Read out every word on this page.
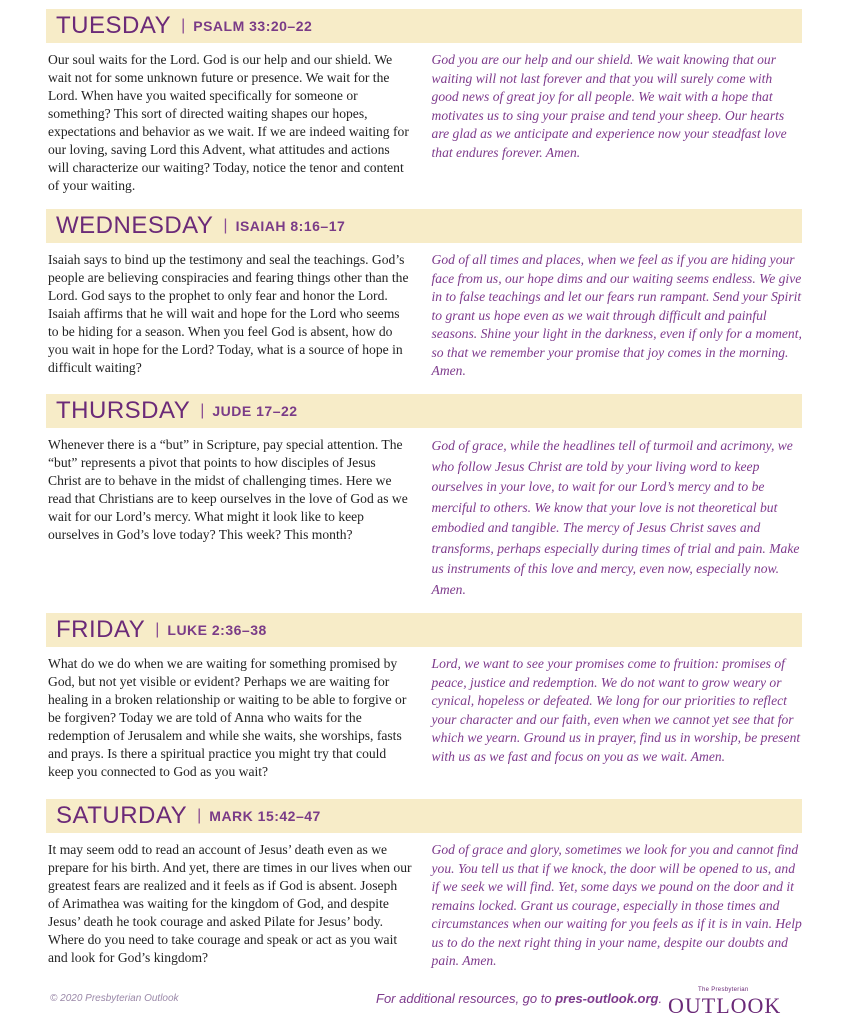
TUESDAY | PSALM 33:20–22
Our soul waits for the Lord. God is our help and our shield. We wait not for some unknown future or presence. We wait for the Lord. When have you waited specifically for someone or something? This sort of directed waiting shapes our hopes, expectations and behavior as we wait. If we are indeed waiting for our loving, saving Lord this Advent, what attitudes and actions will characterize our waiting? Today, notice the tenor and content of your waiting.
God you are our help and our shield. We wait knowing that our waiting will not last forever and that you will surely come with good news of great joy for all people. We wait with a hope that motivates us to sing your praise and tend your sheep. Our hearts are glad as we anticipate and experience now your steadfast love that endures forever. Amen.
WEDNESDAY | ISAIAH 8:16–17
Isaiah says to bind up the testimony and seal the teachings. God’s people are believing conspiracies and fearing things other than the Lord. God says to the prophet to only fear and honor the Lord. Isaiah affirms that he will wait and hope for the Lord who seems to be hiding for a season. When you feel God is absent, how do you wait in hope for the Lord? Today, what is a source of hope in difficult waiting?
God of all times and places, when we feel as if you are hiding your face from us, our hope dims and our waiting seems endless. We give in to false teachings and let our fears run rampant. Send your Spirit to grant us hope even as we wait through difficult and painful seasons. Shine your light in the darkness, even if only for a moment, so that we remember your promise that joy comes in the morning. Amen.
THURSDAY | JUDE 17–22
Whenever there is a “but” in Scripture, pay special attention. The “but” represents a pivot that points to how disciples of Jesus Christ are to behave in the midst of challenging times. Here we read that Christians are to keep ourselves in the love of God as we wait for our Lord’s mercy. What might it look like to keep ourselves in God’s love today? This week? This month?
God of grace, while the headlines tell of turmoil and acrimony, we who follow Jesus Christ are told by your living word to keep ourselves in your love, to wait for our Lord’s mercy and to be merciful to others. We know that your love is not theoretical but embodied and tangible. The mercy of Jesus Christ saves and transforms, perhaps especially during times of trial and pain. Make us instruments of this love and mercy, even now, especially now. Amen.
FRIDAY | LUKE 2:36–38
What do we do when we are waiting for something promised by God, but not yet visible or evident? Perhaps we are waiting for healing in a broken relationship or waiting to be able to forgive or be forgiven? Today we are told of Anna who waits for the redemption of Jerusalem and while she waits, she worships, fasts and prays. Is there a spiritual practice you might try that could keep you connected to God as you wait?
Lord, we want to see your promises come to fruition: promises of peace, justice and redemption. We do not want to grow weary or cynical, hopeless or defeated. We long for our priorities to reflect your character and our faith, even when we cannot yet see that for which we yearn. Ground us in prayer, find us in worship, be present with us as we fast and focus on you as we wait. Amen.
SATURDAY | MARK 15:42–47
It may seem odd to read an account of Jesus’ death even as we prepare for his birth. And yet, there are times in our lives when our greatest fears are realized and it feels as if God is absent. Joseph of Arimathea was waiting for the kingdom of God, and despite Jesus’ death he took courage and asked Pilate for Jesus’ body. Where do you need to take courage and speak or act as you wait and look for God’s kingdom?
God of grace and glory, sometimes we look for you and cannot find you. You tell us that if we knock, the door will be opened to us, and if we seek we will find. Yet, some days we pound on the door and it remains locked. Grant us courage, especially in those times and circumstances when our waiting for you feels as if it is in vain. Help us to do the next right thing in your name, despite our doubts and pain. Amen.
© 2020 Presbyterian Outlook	For additional resources, go to pres-outlook.org.
The Presbyterian
OUTLOOK
